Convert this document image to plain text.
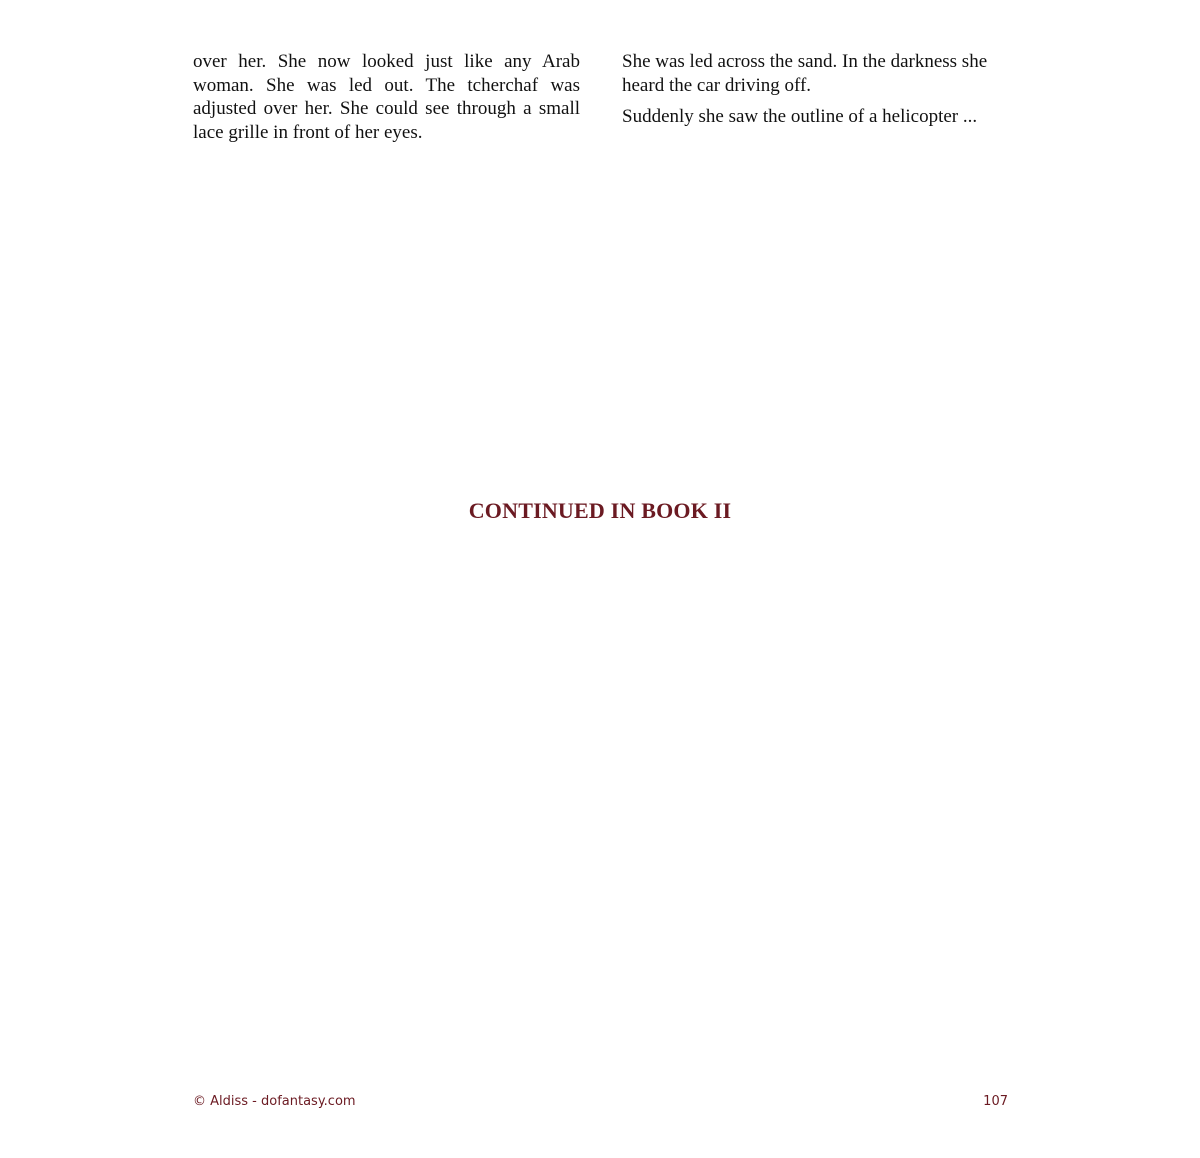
over her. She now looked just like any Arab woman. She was led out. The tcherchaf was adjusted over her. She could see through a small lace grille in front of her eyes.

She was led across the sand. In the darkness she heard the car driving off.

Suddenly she saw the outline of a helicopter ...

CONTINUED IN BOOK II
© Aldiss - dofantasy.com	107
